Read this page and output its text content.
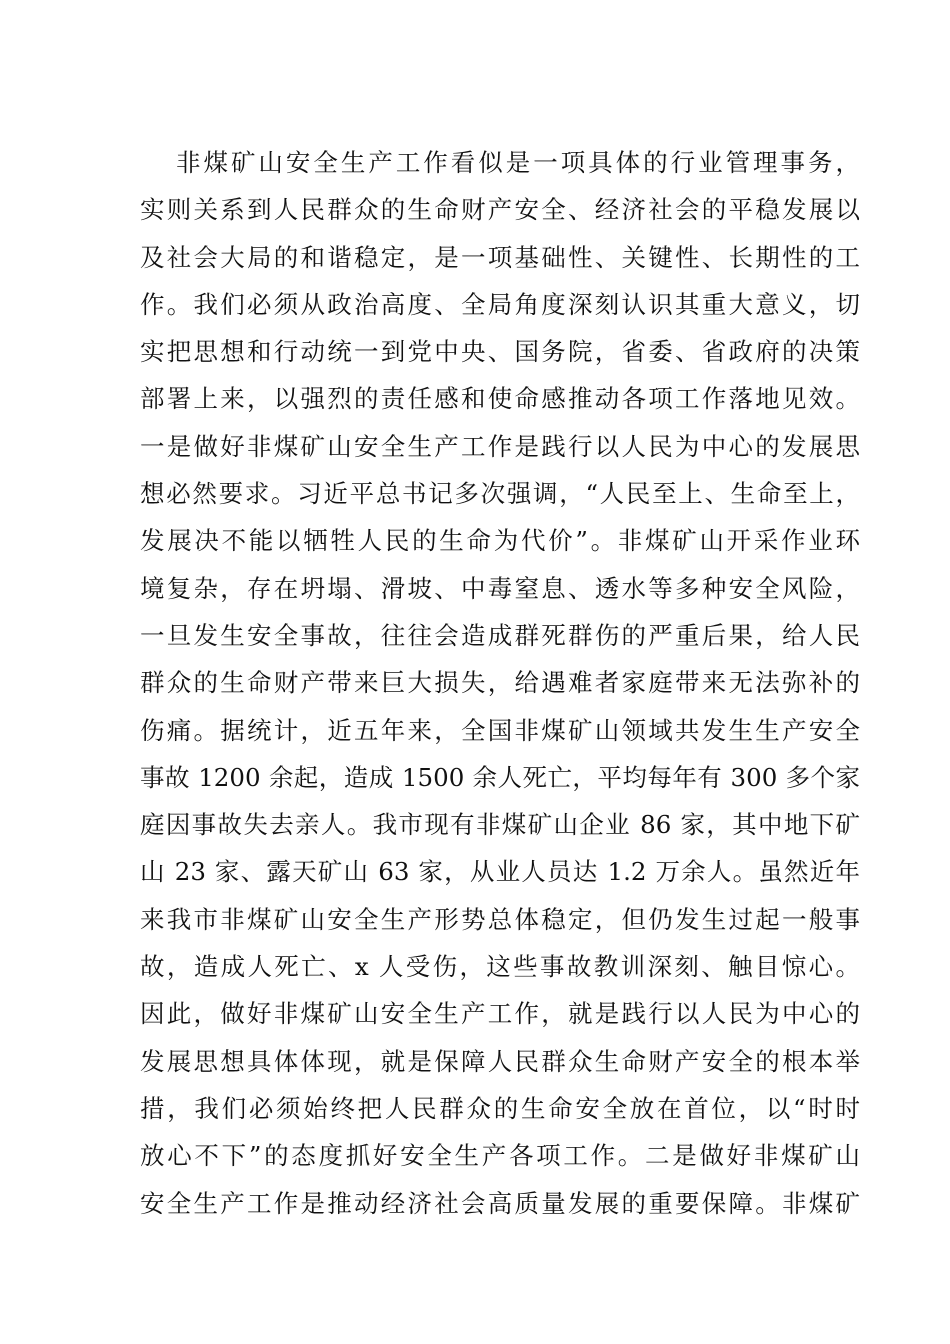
非煤矿山安全生产工作看似是一项具体的行业管理事务，
实则关系到人民群众的生命财产安全、经济社会的平稳发展以
及社会大局的和谐稳定，是一项基础性、关键性、长期性的工
作。我们必须从政治高度、全局角度深刻认识其重大意义，切
实把思想和行动统一到党中央、国务院，省委、省政府的决策
部署上来，以强烈的责任感和使命感推动各项工作落地见效。
一是做好非煤矿山安全生产工作是践行以人民为中心的发展思
想必然要求。习近平总书记多次强调，“人民至上、生命至上，
发展决不能以牺牲人民的生命为代价”。非煤矿山开采作业环
境复杂，存在坍塌、滑坡、中毒窒息、透水等多种安全风险，
一旦发生安全事故，往往会造成群死群伤的严重后果，给人民
群众的生命财产带来巨大损失，给遇难者家庭带来无法弥补的
伤痛。据统计，近五年来，全国非煤矿山领域共发生生产安全
事故 1200 余起，造成 1500 余人死亡，平均每年有 300 多个家
庭因事故失去亲人。我市现有非煤矿山企业 86 家，其中地下矿
山 23 家、露天矿山 63 家，从业人员达 1.2 万余人。虽然近年
来我市非煤矿山安全生产形势总体稳定，但仍发生过起一般事
故，造成人死亡、x 人受伤，这些事故教训深刻、触目惊心。
因此，做好非煤矿山安全生产工作，就是践行以人民为中心的
发展思想具体体现，就是保障人民群众生命财产安全的根本举
措，我们必须始终把人民群众的生命安全放在首位，以“时时
放心不下”的态度抓好安全生产各项工作。二是做好非煤矿山
安全生产工作是推动经济社会高质量发展的重要保障。非煤矿
